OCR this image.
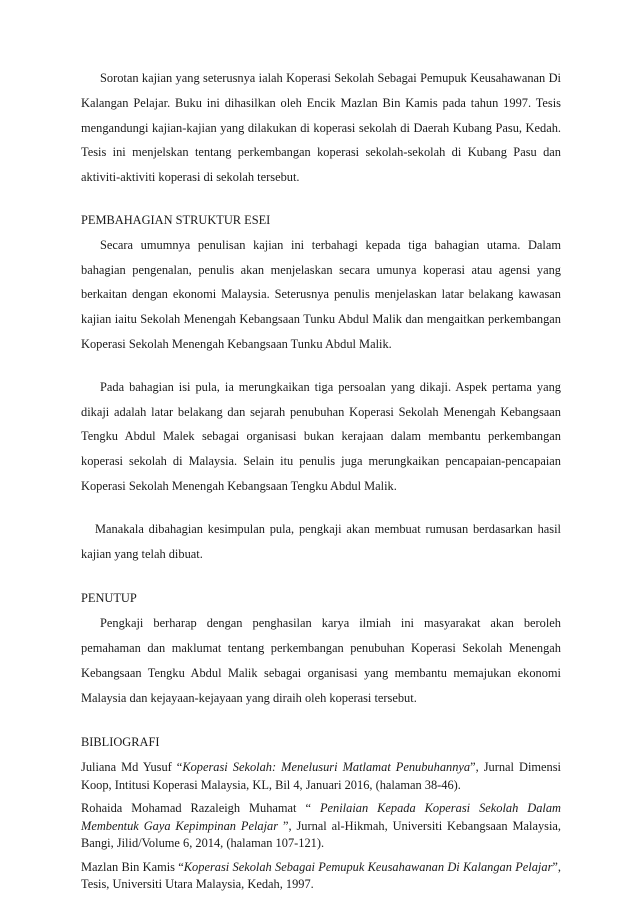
Sorotan kajian yang seterusnya ialah Koperasi Sekolah Sebagai Pemupuk Keusahawanan Di Kalangan Pelajar. Buku ini dihasilkan oleh Encik Mazlan Bin Kamis pada tahun 1997. Tesis mengandungi kajian-kajian yang dilakukan di koperasi sekolah di Daerah Kubang Pasu, Kedah. Tesis ini menjelskan tentang perkembangan koperasi sekolah-sekolah di Kubang Pasu dan aktiviti-aktiviti koperasi di sekolah tersebut.

PEMBAHAGIAN STRUKTUR ESEI

Secara umumnya penulisan kajian ini terbahagi kepada tiga bahagian utama. Dalam bahagian pengenalan, penulis akan menjelaskan secara umunya koperasi atau agensi yang berkaitan dengan ekonomi Malaysia. Seterusnya penulis menjelaskan latar belakang kawasan kajian iaitu Sekolah Menengah Kebangsaan Tunku Abdul Malik dan mengaitkan perkembangan Koperasi Sekolah Menengah Kebangsaan Tunku Abdul Malik.

Pada bahagian isi pula, ia merungkaikan tiga persoalan yang dikaji. Aspek pertama yang dikaji adalah latar belakang dan sejarah penubuhan Koperasi Sekolah Menengah Kebangsaan Tengku Abdul Malek sebagai organisasi bukan kerajaan dalam membantu perkembangan koperasi sekolah di Malaysia. Selain itu penulis juga merungkaikan pencapaian-pencapaian Koperasi Sekolah Menengah Kebangsaan Tengku Abdul Malik.

Manakala dibahagian kesimpulan pula, pengkaji akan membuat rumusan berdasarkan hasil kajian yang telah dibuat.

PENUTUP

Pengkaji berharap dengan penghasilan karya ilmiah ini masyarakat akan beroleh pemahaman dan maklumat tentang perkembangan penubuhan Koperasi Sekolah Menengah Kebangsaan Tengku Abdul Malik sebagai organisasi yang membantu memajukan ekonomi Malaysia dan kejayaan-kejayaan yang diraih oleh koperasi tersebut.

BIBLIOGRAFI

Juliana Md Yusuf “Koperasi Sekolah: Menelusuri Matlamat Penubuhannya”, Jurnal Dimensi Koop, Intitusi Koperasi Malaysia, KL, Bil 4, Januari 2016, (halaman 38-46).

Rohaida Mohamad Razaleigh Muhamat “ Penilaian Kepada Koperasi Sekolah Dalam Membentuk Gaya Kepimpinan Pelajar ”, Jurnal al-Hikmah, Universiti Kebangsaan Malaysia, Bangi, Jilid/Volume 6, 2014, (halaman 107-121).

Mazlan Bin Kamis “Koperasi Sekolah Sebagai Pemupuk Keusahawanan Di Kalangan Pelajar”, Tesis, Universiti Utara Malaysia, Kedah, 1997.
